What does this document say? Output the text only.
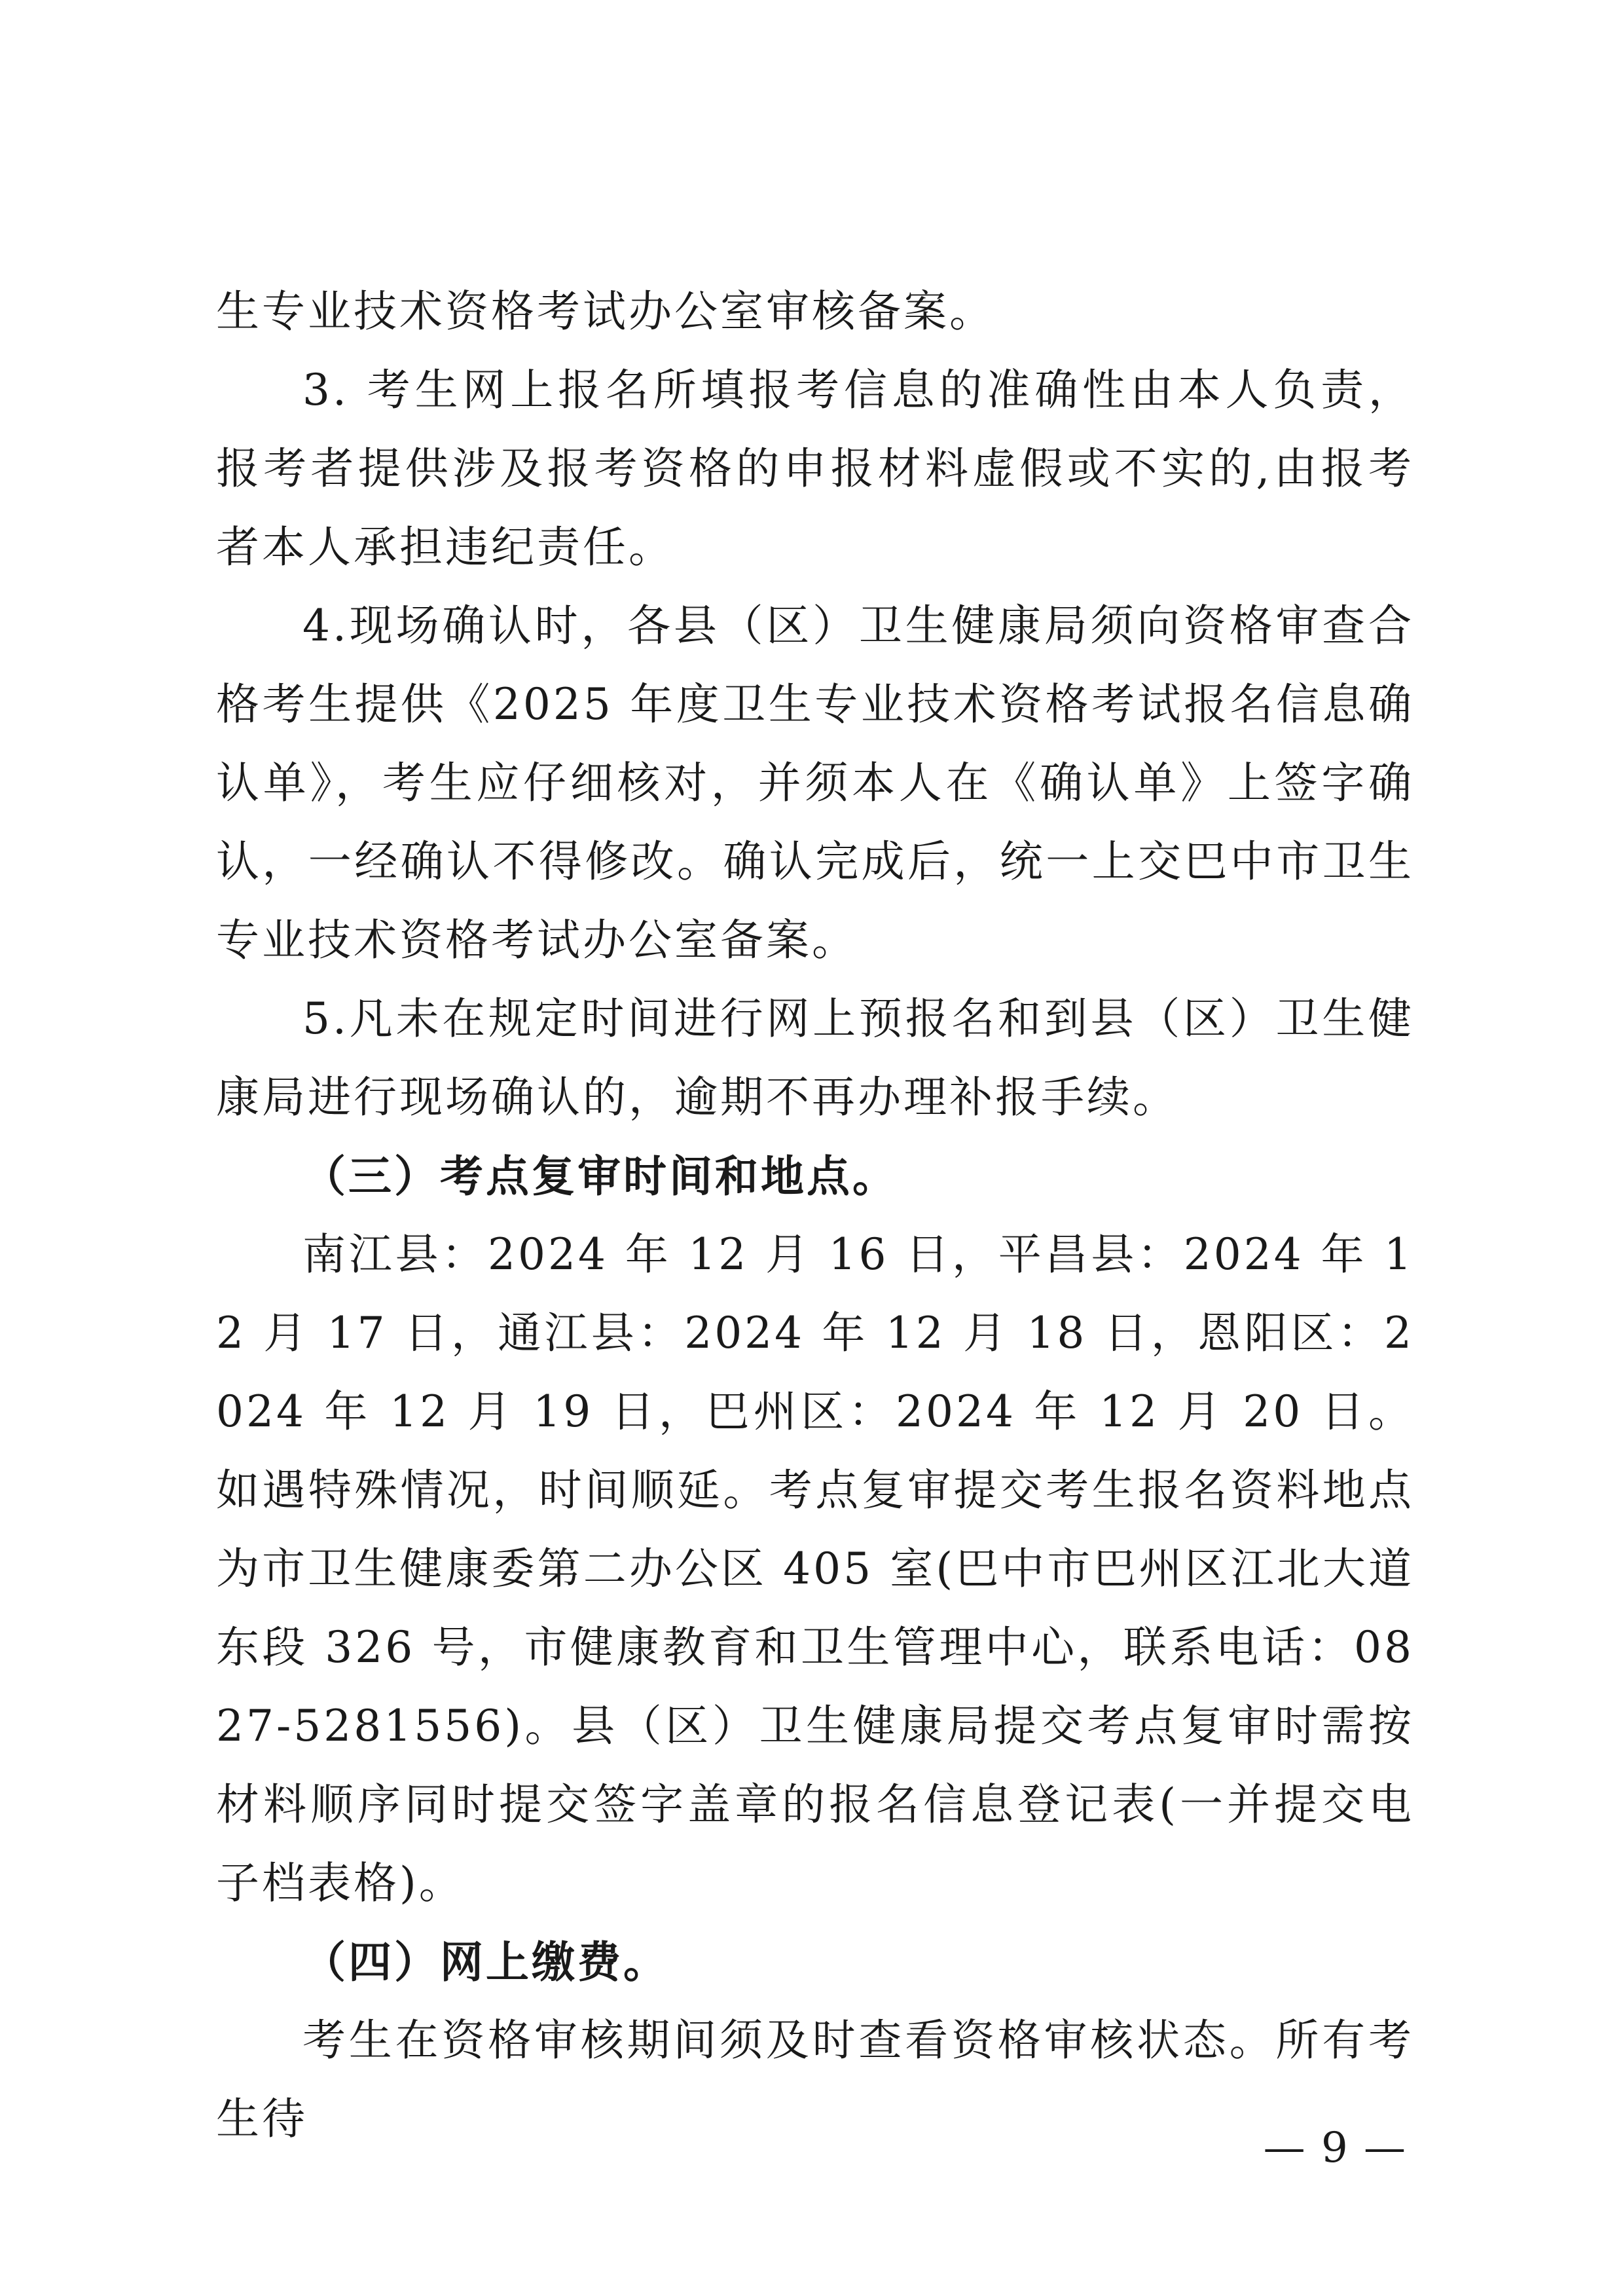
生专业技术资格考试办公室审核备案。

3. 考生网上报名所填报考信息的准确性由本人负责，报考者提供涉及报考资格的申报材料虚假或不实的,由报考者本人承担违纪责任。

4.现场确认时，各县（区）卫生健康局须向资格审查合格考生提供《2025 年度卫生专业技术资格考试报名信息确认单》，考生应仔细核对，并须本人在《确认单》上签字确认，一经确认不得修改。确认完成后，统一上交巴中市卫生专业技术资格考试办公室备案。

5.凡未在规定时间进行网上预报名和到县（区）卫生健康局进行现场确认的，逾期不再办理补报手续。

（三）考点复审时间和地点。

南江县：2024 年 12 月 16 日，平昌县：2024 年 12 月 17 日，通江县：2024 年 12 月 18 日，恩阳区：2024 年 12 月 19 日，巴州区：2024 年 12 月 20 日。如遇特殊情况，时间顺延。考点复审提交考生报名资料地点为市卫生健康委第二办公区 405 室(巴中市巴州区江北大道东段 326 号，市健康教育和卫生管理中心，联系电话：0827-5281556)。县（区）卫生健康局提交考点复审时需按材料顺序同时提交签字盖章的报名信息登记表(一并提交电子档表格)。

（四）网上缴费。

考生在资格审核期间须及时查看资格审核状态。所有考生待

— 9 —
